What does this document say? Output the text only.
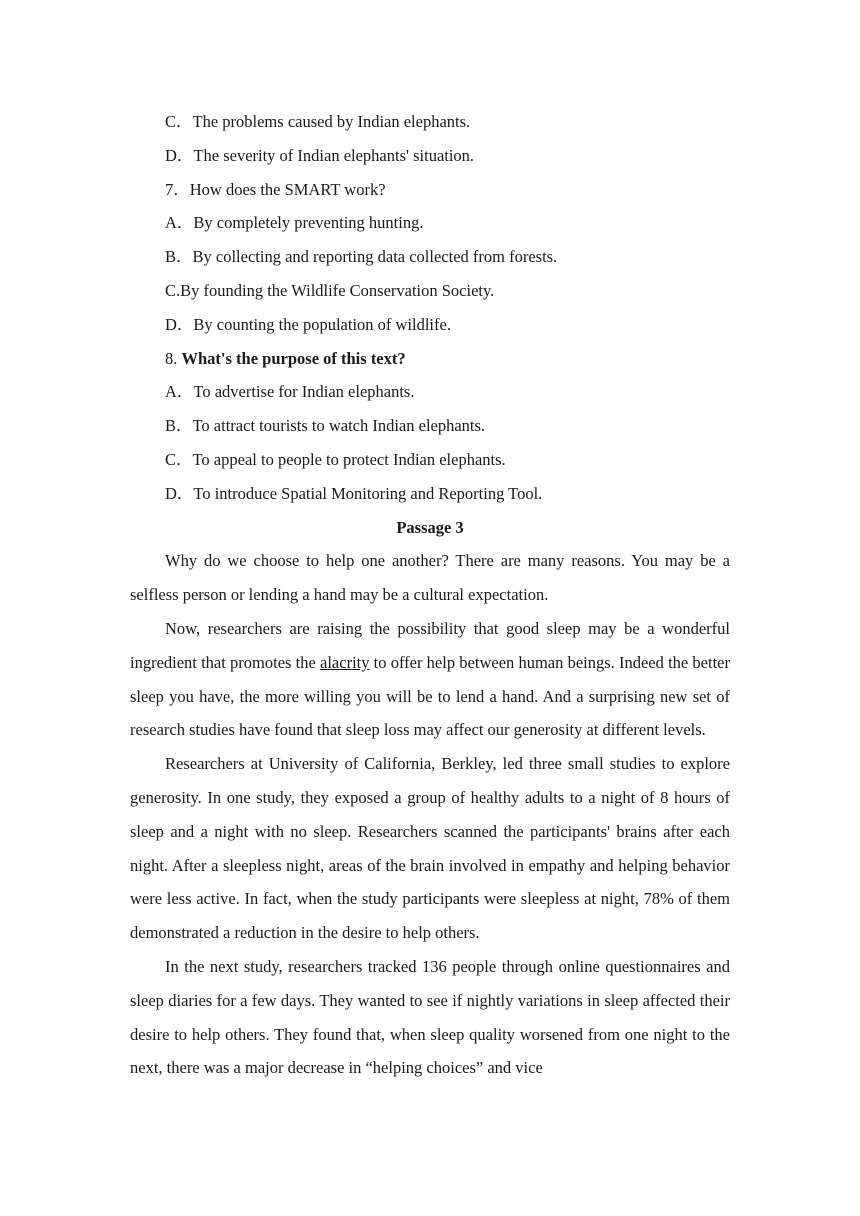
C．The problems caused by Indian elephants.
D．The severity of Indian elephants' situation.
7．How does the SMART work?
A．By completely preventing hunting.
B．By collecting and reporting data collected from forests.
C.By founding the Wildlife Conservation Society.
D．By counting the population of wildlife.
8. What's the purpose of this text?
A．To advertise for Indian elephants.
B．To attract tourists to watch Indian elephants.
C．To appeal to people to protect Indian elephants.
D．To introduce Spatial Monitoring and Reporting Tool.
Passage 3

Why do we choose to help one another? There are many reasons. You may be a selfless person or lending a hand may be a cultural expectation.

Now, researchers are raising the possibility that good sleep may be a wonderful ingredient that promotes the alacrity to offer help between human beings. Indeed the better sleep you have, the more willing you will be to lend a hand. And a surprising new set of research studies have found that sleep loss may affect our generosity at different levels.

Researchers at University of California, Berkley, led three small studies to explore generosity. In one study, they exposed a group of healthy adults to a night of 8 hours of sleep and a night with no sleep. Researchers scanned the participants' brains after each night. After a sleepless night, areas of the brain involved in empathy and helping behavior were less active. In fact, when the study participants were sleepless at night, 78% of them demonstrated a reduction in the desire to help others.

In the next study, researchers tracked 136 people through online questionnaires and sleep diaries for a few days. They wanted to see if nightly variations in sleep affected their desire to help others. They found that, when sleep quality worsened from one night to the next, there was a major decrease in “helping choices” and vice
